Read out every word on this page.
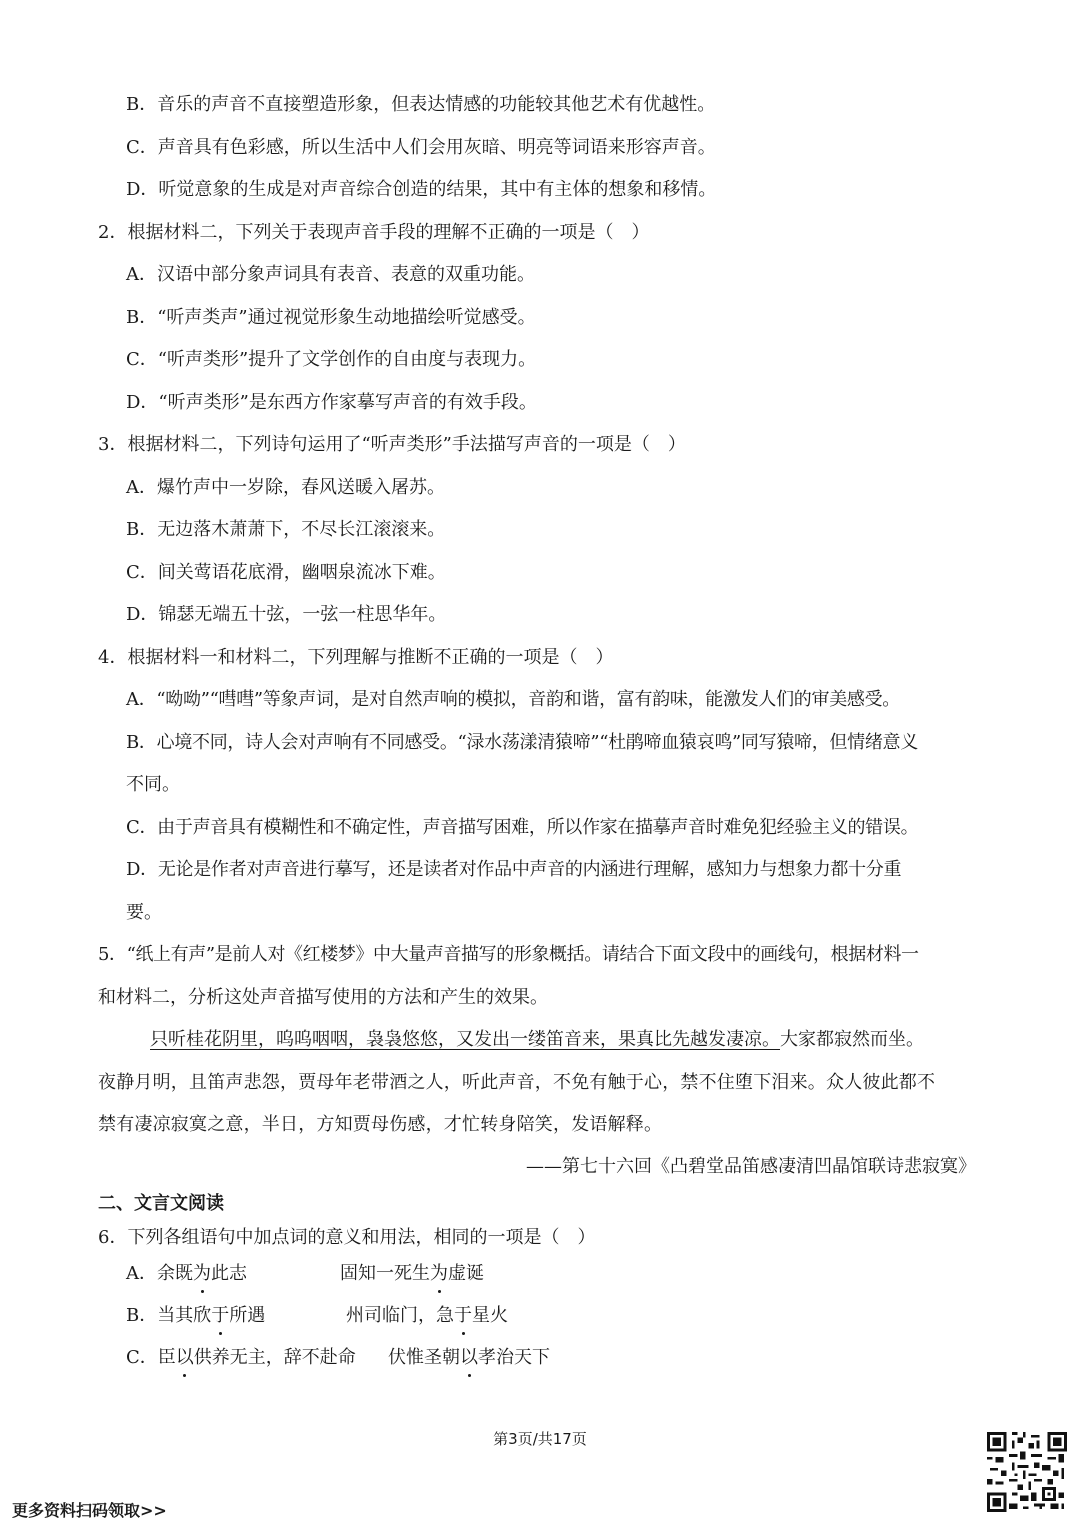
B．音乐的声音不直接塑造形象，但表达情感的功能较其他艺术有优越性。
C．声音具有色彩感，所以生活中人们会用灰暗、明亮等词语来形容声音。
D．听觉意象的生成是对声音综合创造的结果，其中有主体的想象和移情。
2．根据材料二，下列关于表现声音手段的理解不正确的一项是（　）
A．汉语中部分象声词具有表音、表意的双重功能。
B．“听声类声”通过视觉形象生动地描绘听觉感受。
C．“听声类形”提升了文学创作的自由度与表现力。
D．“听声类形”是东西方作家摹写声音的有效手段。
3．根据材料二，下列诗句运用了“听声类形”手法描写声音的一项是（　）
A．爆竹声中一岁除，春风送暖入屠苏。
B．无边落木萧萧下，不尽长江滚滚来。
C．间关莺语花底滑，幽咽泉流冰下难。
D．锦瑟无端五十弦，一弦一柱思华年。
4．根据材料一和材料二，下列理解与推断不正确的一项是（　）
A．“呦呦”“嘒嘒”等象声词，是对自然声响的模拟，音韵和谐，富有韵味，能激发人们的审美感受。
B．心境不同，诗人会对声响有不同感受。“渌水荡漾清猿啼”“杜鹃啼血猿哀鸣”同写猿啼，但情绪意义
不同。
C．由于声音具有模糊性和不确定性，声音描写困难，所以作家在描摹声音时难免犯经验主义的错误。
D．无论是作者对声音进行摹写，还是读者对作品中声音的内涵进行理解，感知力与想象力都十分重
要。
5．“纸上有声”是前人对《红楼梦》中大量声音描写的形象概括。请结合下面文段中的画线句，根据材料一
和材料二，分析这处声音描写使用的方法和产生的效果。
只听桂花阴里，呜呜咽咽，袅袅悠悠，又发出一缕笛音来，果真比先越发凄凉。大家都寂然而坐。
夜静月明，且笛声悲怨，贾母年老带酒之人，听此声音，不免有触于心，禁不住堕下泪来。众人彼此都不
禁有凄凉寂寞之意，半日，方知贾母伤感，才忙转身陪笑，发语解释。
——第七十六回《凸碧堂品笛感凄清凹晶馆联诗悲寂寞》
二、文言文阅读
6．下列各组语句中加点词的意义和用法，相同的一项是（　）
A．余既为此志	固知一死生为虚诞
B．当其欣于所遇	州司临门，急于星火
C．臣以供养无主，辞不赴命 伏惟圣朝以孝治天下
第3页/共17页
更多资料扫码领取>>
